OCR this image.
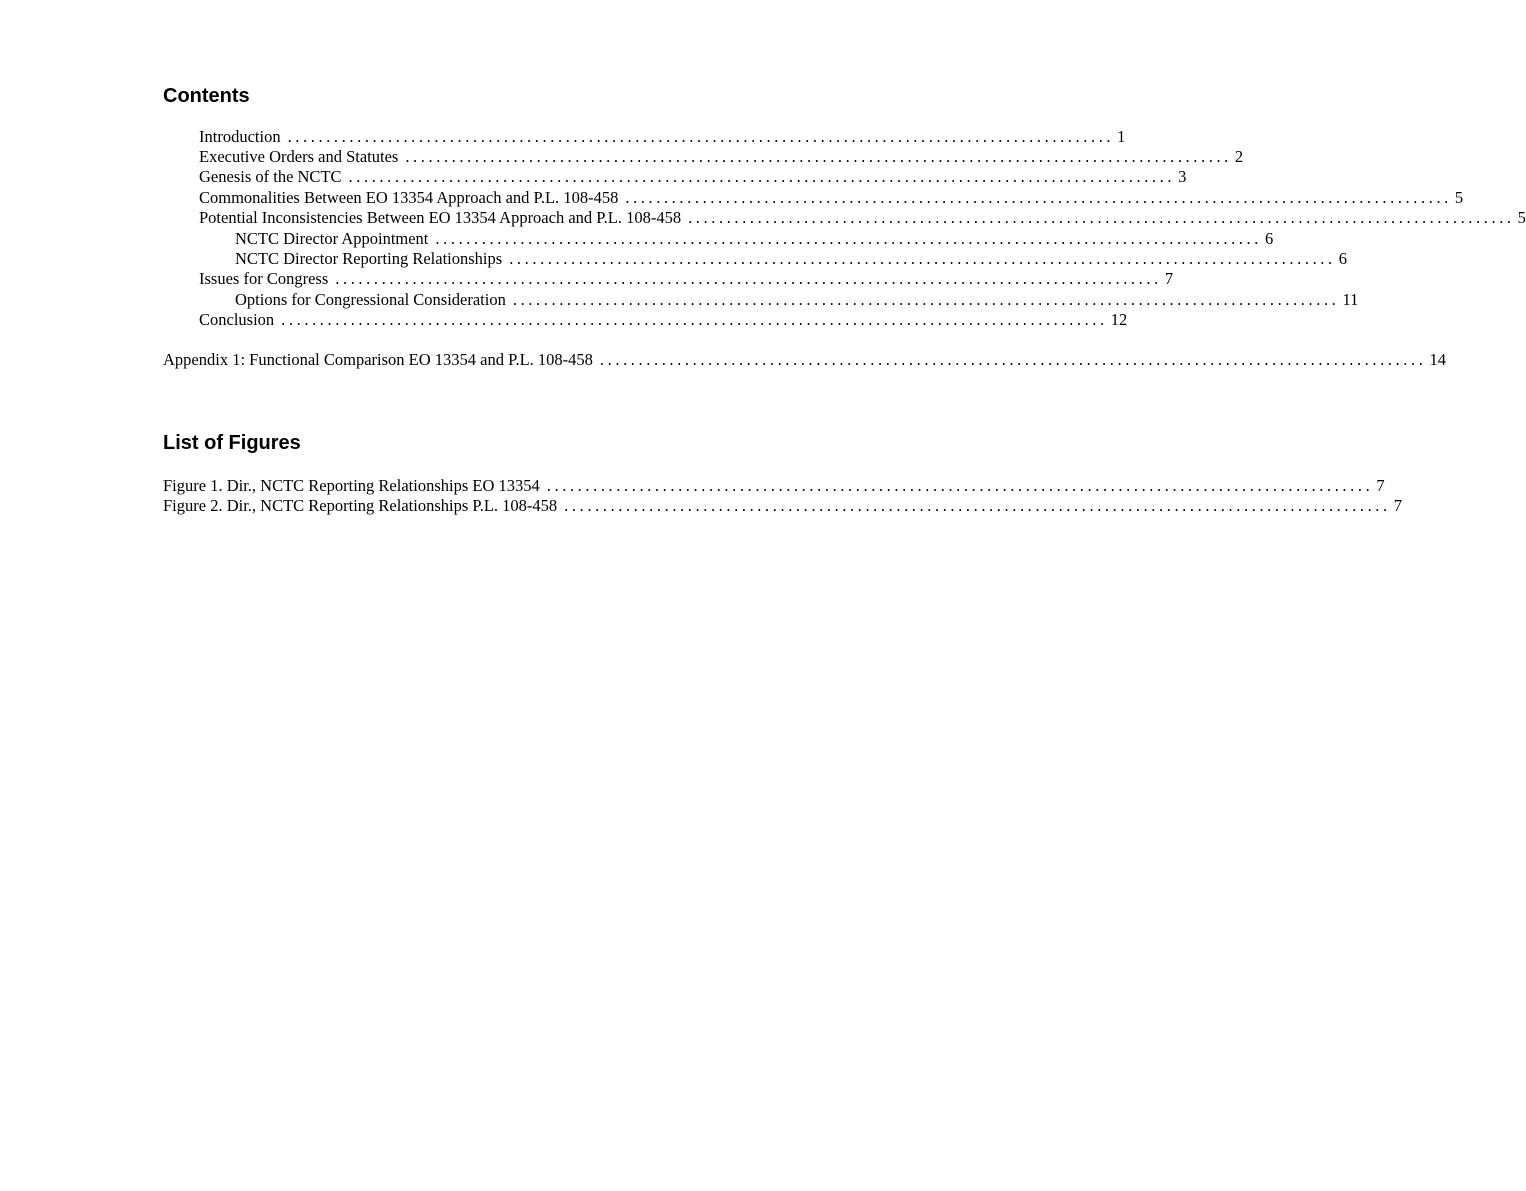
Contents
Introduction ........................................................................................................... 1
Executive Orders and Statutes ........................................................................................................... 2
Genesis of the NCTC ........................................................................................................... 3
Commonalities Between EO 13354 Approach and P.L. 108-458 ........................................................................................................... 5
Potential Inconsistencies Between EO 13354 Approach and P.L. 108-458 ........................................................................................................... 5
NCTC Director Appointment ........................................................................................................... 6
NCTC Director Reporting Relationships ........................................................................................................... 6
Issues for Congress ........................................................................................................... 7
Options for Congressional Consideration ........................................................................................................... 11
Conclusion ........................................................................................................... 12
Appendix 1: Functional Comparison EO 13354 and P.L. 108-458 ........................................................................................................... 14
List of Figures
Figure 1. Dir., NCTC Reporting Relationships EO 13354 ........................................................................................................... 7
Figure 2. Dir., NCTC Reporting Relationships P.L. 108-458 ........................................................................................................... 7
